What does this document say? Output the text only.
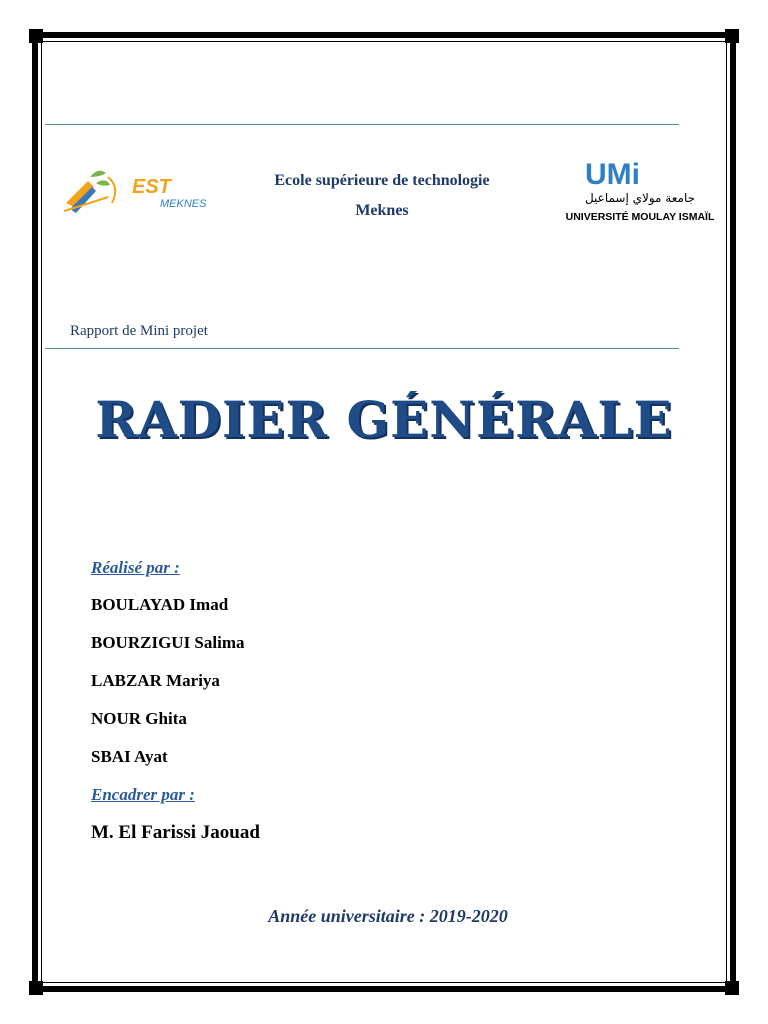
EST
MEKNES
Ecole supérieure de technologie
Meknes
UMi
جامعة مولاي إسماعيل
UNIVERSITÉ MOULAY ISMAÏL
Rapport de Mini projet
RADIER GÉNÉRALE
Réalisé par :
BOULAYAD Imad
BOURZIGUI Salima
LABZAR Mariya
NOUR Ghita
SBAI Ayat
Encadrer par :
M. El Farissi Jaouad
Année universitaire : 2019-2020
